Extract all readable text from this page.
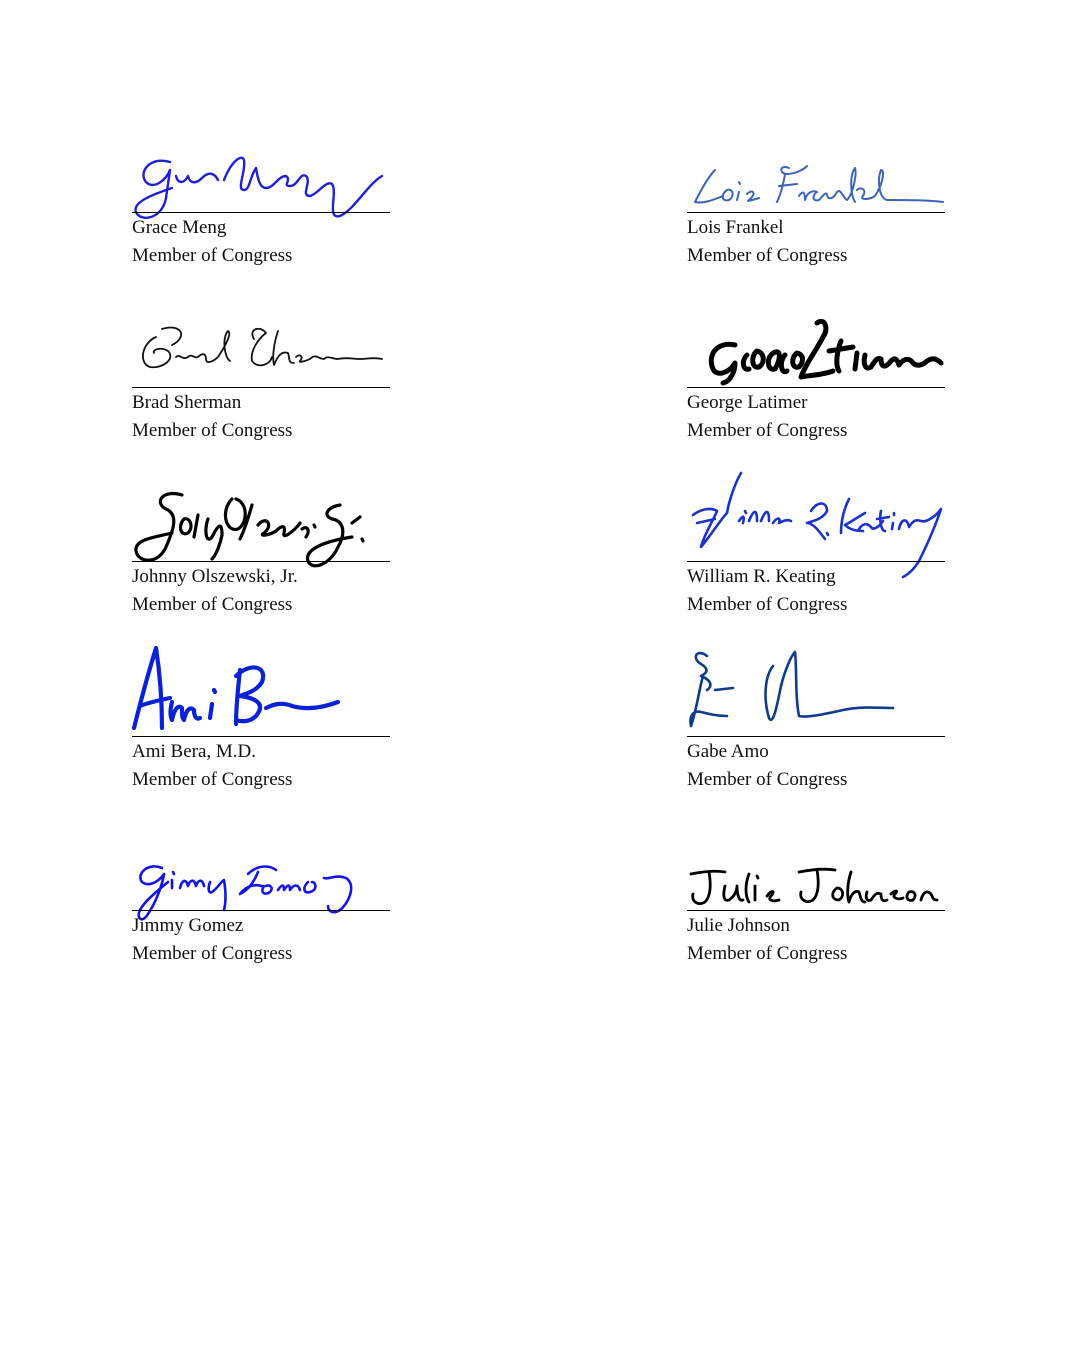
Grace Meng
Member of Congress
Lois Frankel
Member of Congress
Brad Sherman
Member of Congress
George Latimer
Member of Congress
Johnny Olszewski, Jr.
Member of Congress
William R. Keating
Member of Congress
Ami Bera, M.D.
Member of Congress
Gabe Amo
Member of Congress
Jimmy Gomez
Member of Congress
Julie Johnson
Member of Congress
